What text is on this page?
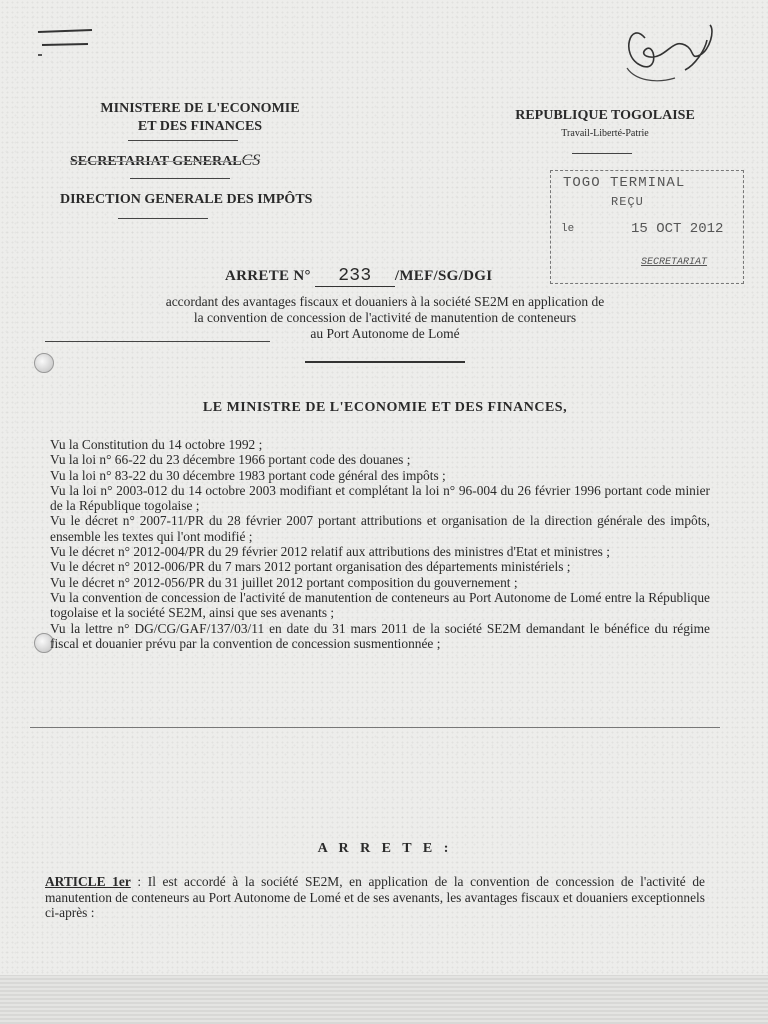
MINISTERE DE L'ECONOMIE
ET DES FINANCES
SECRETARIAT GENERALCS
DIRECTION GENERALE DES IMPÔTS
REPUBLIQUE TOGOLAISE
Travail-Liberté-Patrie
TOGO TERMINAL
REÇU
le	15 OCT 2012
SECRETARIAT
ARRETE N° 233 /MEF/SG/DGI
accordant des avantages fiscaux et douaniers à la société SE2M en application de
la convention de concession de l'activité de manutention de conteneurs
au Port Autonome de Lomé
LE MINISTRE DE L'ECONOMIE ET DES FINANCES,

Vu la Constitution du 14 octobre 1992 ;

Vu la loi n° 66-22 du 23 décembre 1966 portant code des douanes ;

Vu la loi n° 83-22 du 30 décembre 1983 portant code général des impôts ;

Vu la loi n° 2003-012 du 14 octobre 2003 modifiant et complétant la loi n° 96-004 du 26 février 1996 portant code minier de la République togolaise ;

Vu le décret n° 2007-11/PR du 28 février 2007 portant attributions et organisation de la direction générale des impôts, ensemble les textes qui l'ont modifié ;

Vu le décret n° 2012-004/PR du 29 février 2012 relatif aux attributions des ministres d'Etat et ministres ;

Vu le décret n° 2012-006/PR du 7 mars 2012 portant organisation des départements ministériels ;

Vu le décret n° 2012-056/PR du 31 juillet 2012 portant composition du gouvernement ;

Vu la convention de concession de l'activité de manutention de conteneurs au Port Autonome de Lomé entre la République togolaise et la société SE2M, ainsi que ses avenants ;

Vu la lettre n° DG/CG/GAF/137/03/11 en date du 31 mars 2011 de la société SE2M demandant le bénéfice du régime fiscal et douanier prévu par la convention de concession susmentionnée ;

A R R E T E :
ARTICLE 1er : Il est accordé à la société SE2M, en application de la convention de concession de l'activité de manutention de conteneurs au Port Autonome de Lomé et de ses avenants, les avantages fiscaux et douaniers exceptionnels ci-après :
